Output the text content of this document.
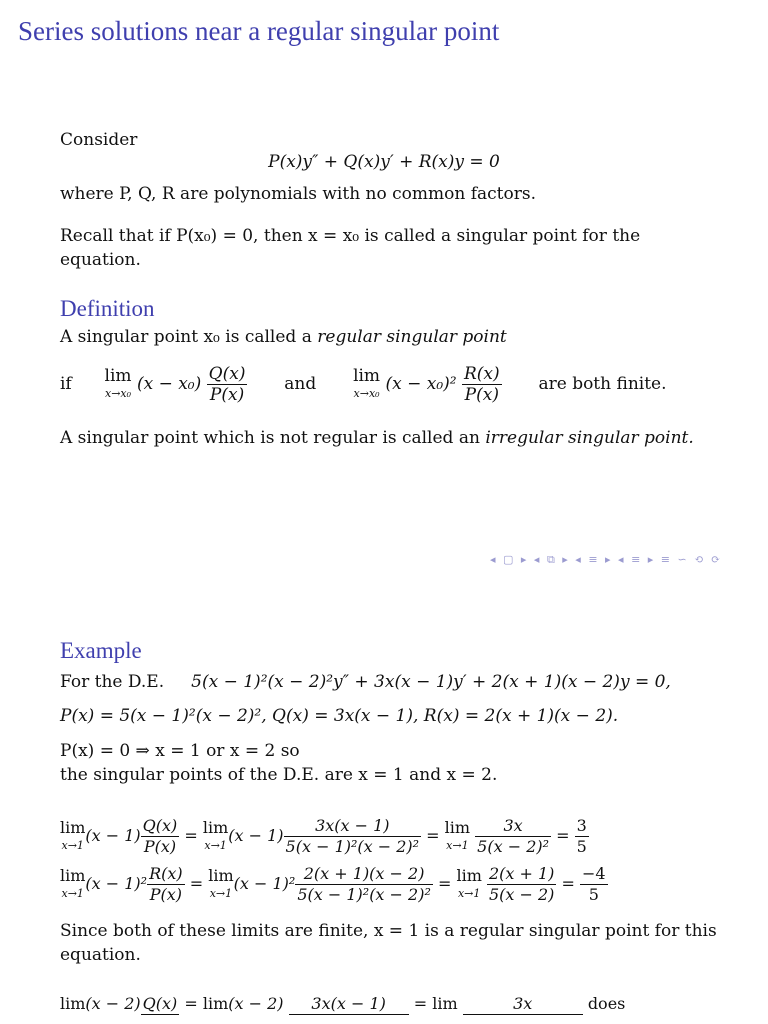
Series solutions near a regular singular point

Consider

P(x)y″ + Q(x)y′ + R(x)y = 0

where P, Q, R are polynomials with no common factors.

Recall that if P(x₀) = 0, then x = x₀ is called a singular point for the equation.

Definition

A singular point x₀ is called a regular singular point

if lim
x→x₀ $(x - x_0) \frac{Q(x)}{P(x)}$ and lim
x→x₀ $(x - x_0)^2 \frac{R(x)}{P(x)}$ are both finite.

A singular point which is not regular is called an irregular singular point.

◂ ▢ ▸ ◂ ⧉ ▸ ◂ ≡ ▸ ◂ ≡ ▸ ≡ ∽ ⟲ ⟳
Example
For the D.E. 5(x − 1)²(x − 2)²y″ + 3x(x − 1)y′ + 2(x + 1)(x − 2)y = 0,
P(x) = 5(x − 1)²(x − 2)², Q(x) = 3x(x − 1), R(x) = 2(x + 1)(x − 2).
P(x) = 0 ⇒ x = 1 or x = 2 so
the singular points of the D.E. are x = 1 and x = 2.
lim
x→1 $(x - 1) \frac{Q(x)}{P(x)} = \lim$
x→1 $(x - 1) \frac{3x(x - 1)}{\text{5(x − 1)²(x − 2)²}} = \lim$
x→1
$\frac{3x}{\text{5(x − 2)²}} = \frac{3}{5}$
lim
x→1 $(x - 1)^2 \frac{R(x)}{P(x)} = \lim$
x→1 $(x - 1)^2 \frac{2(x + 1)(x - 2)}{\text{5(x − 1)²(x − 2)²}} = \lim$
x→1
$\frac{2(x + 1)}{5(x - 2)} = \frac{-4}{5}$

Since both of these limits are finite, x = 1 is a regular singular point for this equation.

lim(x − 2) Q(x) = lim(x − 2)	3x(x − 1)	= lim	3x	does
